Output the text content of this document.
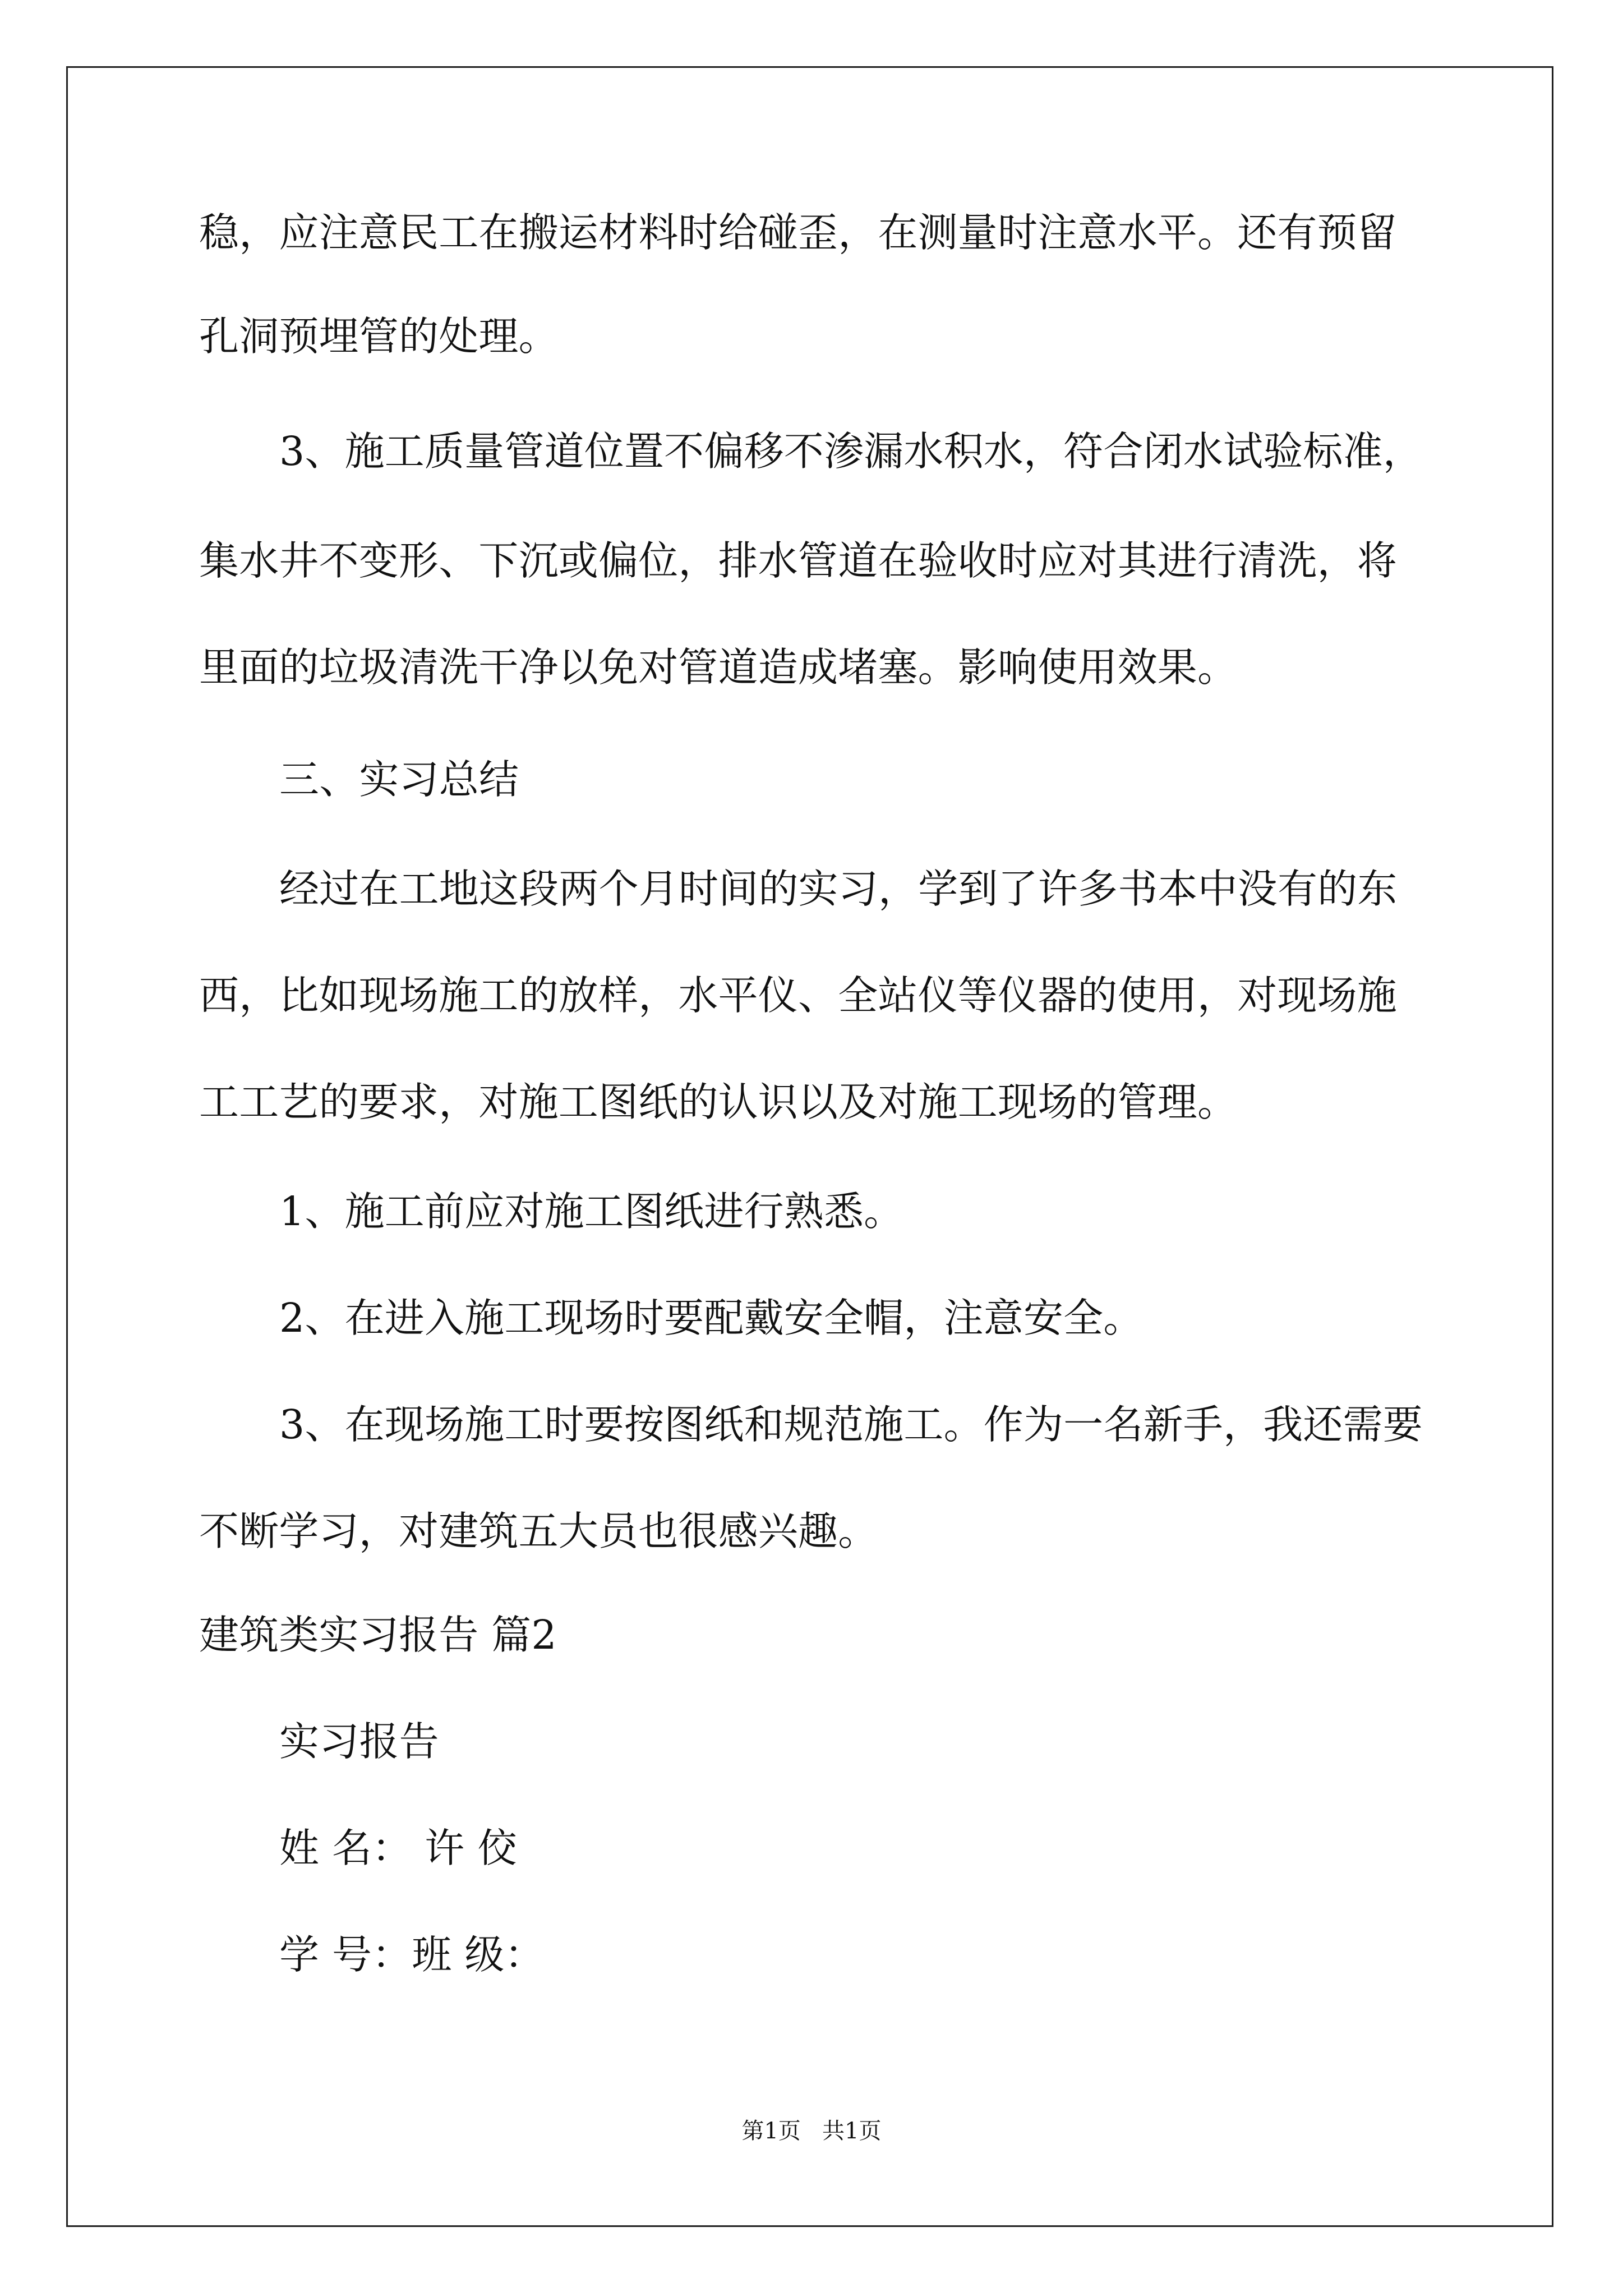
稳，应注意民工在搬运材料时给碰歪，在测量时注意水平。还有预留
孔洞预埋管的处理。
3、施工质量管道位置不偏移不渗漏水积水，符合闭水试验标准，
集水井不变形、下沉或偏位，排水管道在验收时应对其进行清洗，将
里面的垃圾清洗干净以免对管道造成堵塞。影响使用效果。
三、实习总结
经过在工地这段两个月时间的实习，学到了许多书本中没有的东
西，比如现场施工的放样，水平仪、全站仪等仪器的使用，对现场施
工工艺的要求，对施工图纸的认识以及对施工现场的管理。
1、施工前应对施工图纸进行熟悉。
2、在进入施工现场时要配戴安全帽，注意安全。
3、在现场施工时要按图纸和规范施工。作为一名新手，我还需要
不断学习，对建筑五大员也很感兴趣。
建筑类实习报告 篇2
实习报告
姓 名： 许 佼
学 号：班 级：
第1页   共1页
